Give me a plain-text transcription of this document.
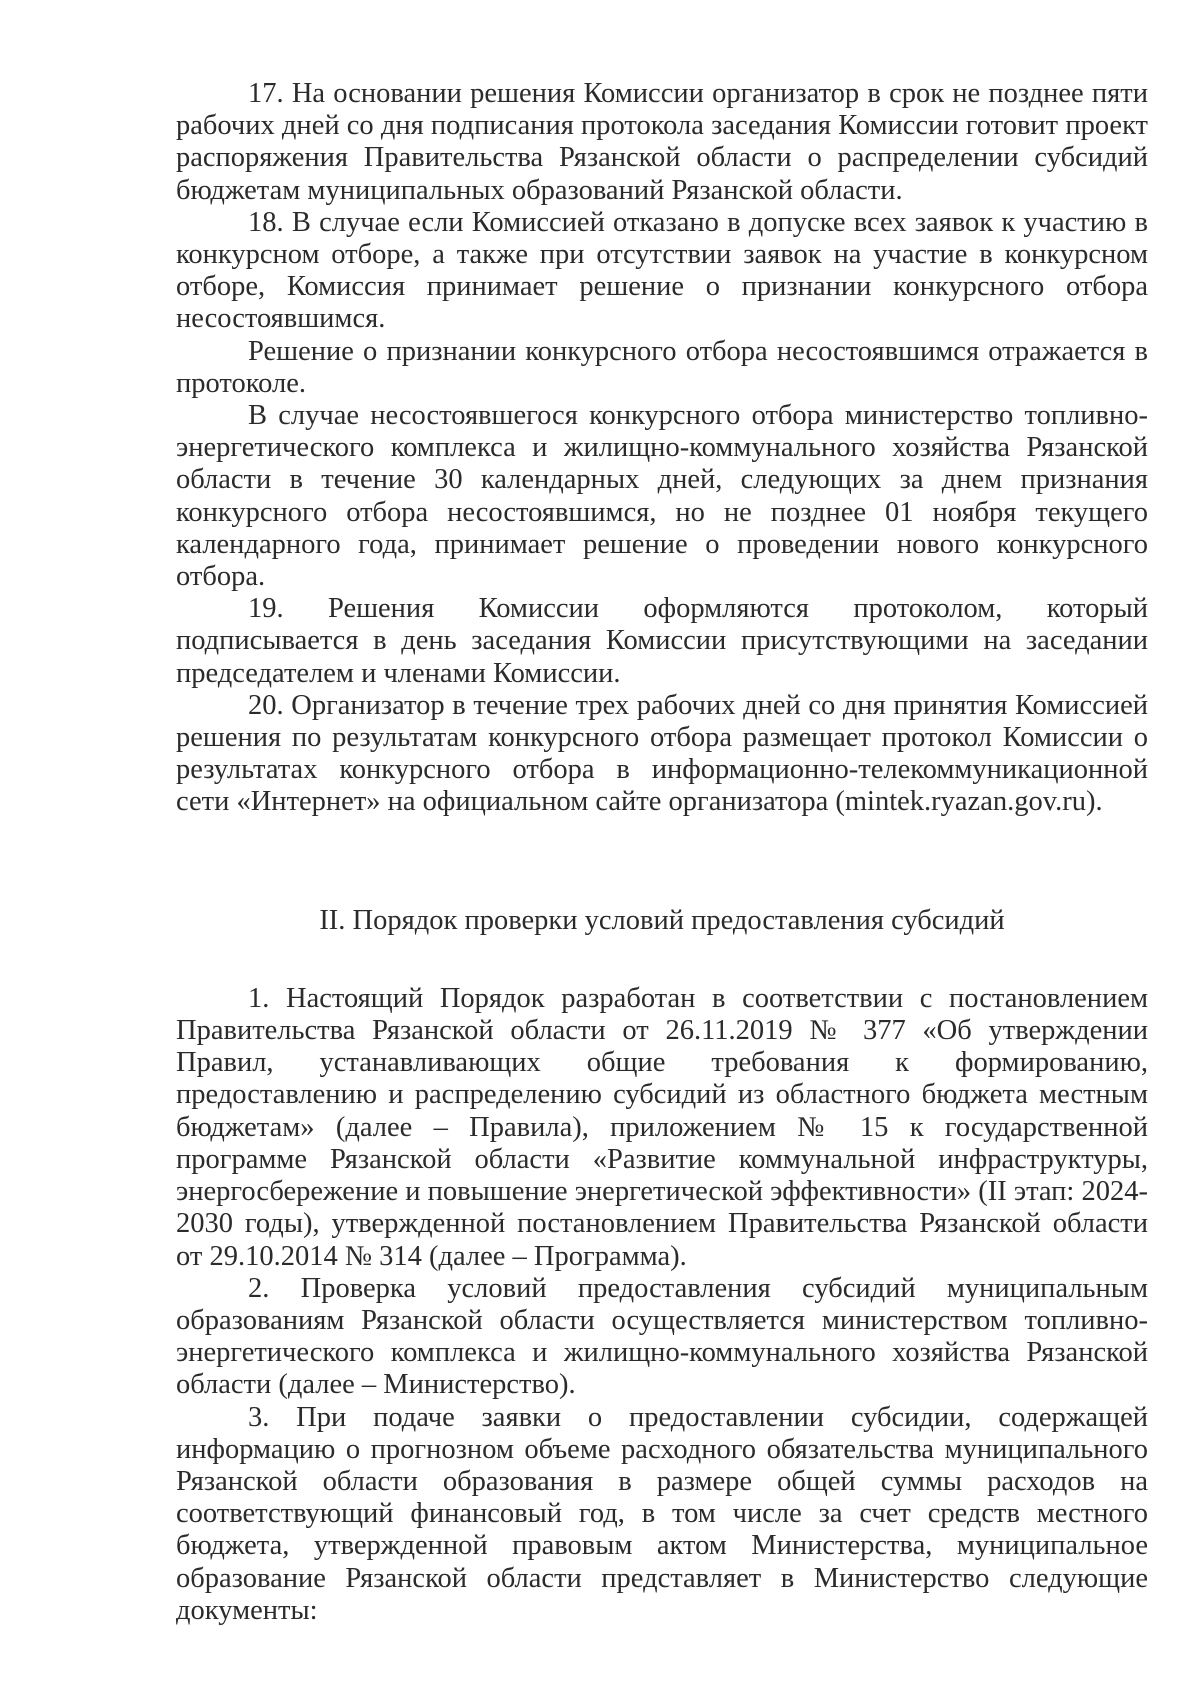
17. На основании решения Комиссии организатор в срок не позднее пяти рабочих дней со дня подписания протокола заседания Комиссии готовит проект распоряжения Правительства Рязанской области о распределении субсидий бюджетам муниципальных образований Рязанской области.

18. В случае если Комиссией отказано в допуске всех заявок к участию в конкурсном отборе, а также при отсутствии заявок на участие в конкурсном отборе, Комиссия принимает решение о признании конкурсного отбора несостоявшимся.

Решение о признании конкурсного отбора несостоявшимся отражается в протоколе.

В случае несостоявшегося конкурсного отбора министерство топливно-энергетического комплекса и жилищно-коммунального хозяйства Рязанской области в течение 30 календарных дней, следующих за днем признания конкурсного отбора несостоявшимся, но не позднее 01 ноября текущего календарного года, принимает решение о проведении нового конкурсного отбора.

19. Решения Комиссии оформляются протоколом, который подписывается в день заседания Комиссии присутствующими на заседании председателем и членами Комиссии.

20. Организатор в течение трех рабочих дней со дня принятия Комиссией решения по результатам конкурсного отбора размещает протокол Комиссии о результатах конкурсного отбора в информационно-телекоммуникационной сети «Интернет» на официальном сайте организатора (mintek.ryazan.gov.ru).

II. Порядок проверки условий предоставления субсидий

1. Настоящий Порядок разработан в соответствии с постановлением Правительства Рязанской области от 26.11.2019 № 377 «Об утверждении Правил, устанавливающих общие требования к формированию, предоставлению и распределению субсидий из областного бюджета местным бюджетам» (далее – Правила), приложением № 15 к государственной программе Рязанской области «Развитие коммунальной инфраструктуры, энергосбережение и повышение энергетической эффективности» (II этап: 2024-2030 годы), утвержденной постановлением Правительства Рязанской области от 29.10.2014 № 314 (далее – Программа).

2. Проверка условий предоставления субсидий муниципальным образованиям Рязанской области осуществляется министерством топливно-энергетического комплекса и жилищно-коммунального хозяйства Рязанской области (далее – Министерство).

3. При подаче заявки о предоставлении субсидии, содержащей информацию о прогнозном объеме расходного обязательства муниципального Рязанской области образования в размере общей суммы расходов на соответствующий финансовый год, в том числе за счет средств местного бюджета, утвержденной правовым актом Министерства, муниципальное образование Рязанской области представляет в Министерство следующие документы:
